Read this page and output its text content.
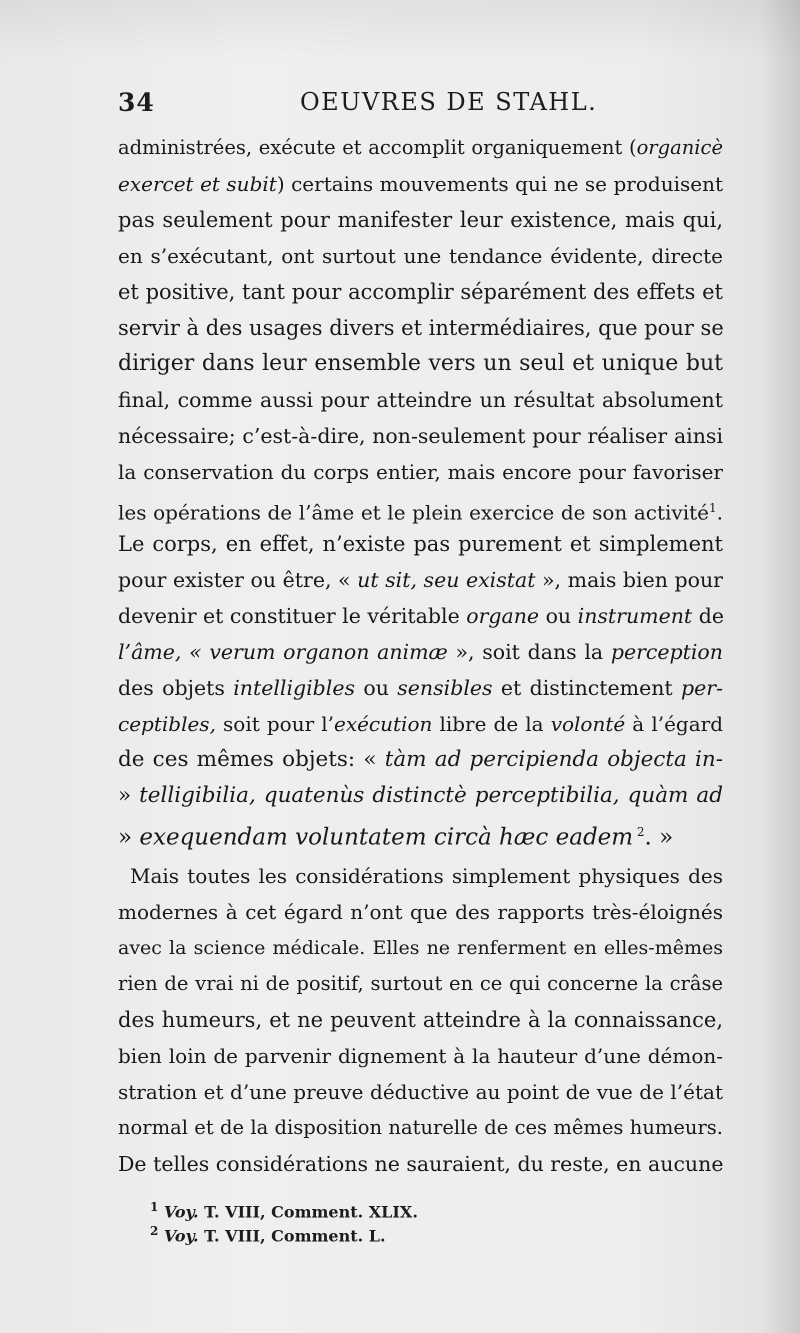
34	OEUVRES DE STAHL.
administrées, exécute et accomplit organiquement (organicè
exercet et subit) certains mouvements qui ne se produisent
pas seulement pour manifester leur existence, mais qui,
en s’exécutant, ont surtout une tendance évidente, directe
et positive, tant pour accomplir séparément des effets et
servir à des usages divers et intermédiaires, que pour se
diriger dans leur ensemble vers un seul et unique but
final, comme aussi pour atteindre un résultat absolument
nécessaire; c’est-à-dire, non-seulement pour réaliser ainsi
la conservation du corps entier, mais encore pour favoriser
les opérations de l’âme et le plein exercice de son activité$^1$.
Le corps, en effet, n’existe pas purement et simplement
pour exister ou être, « ut sit, seu existat », mais bien pour
devenir et constituer le véritable organe ou instrument de
l’âme, « verum organon animæ », soit dans la perception
des objets intelligibles ou sensibles et distinctement per-
ceptibles, soit pour l’exécution libre de la volonté à l’égard
de ces mêmes objets: « tàm ad percipienda objecta in-
» telligibilia, quatenùs distinctè perceptibilia, quàm ad
» exequendam voluntatem circà hæc eadem $^2$. »
Mais toutes les considérations simplement physiques des
modernes à cet égard n’ont que des rapports très-éloignés
avec la science médicale. Elles ne renferment en elles-mêmes
rien de vrai ni de positif, surtout en ce qui concerne la crâse
des humeurs, et ne peuvent atteindre à la connaissance,
bien loin de parvenir dignement à la hauteur d’une démon-
stration et d’une preuve déductive au point de vue de l’état
normal et de la disposition naturelle de ces mêmes humeurs.
De telles considérations ne sauraient, du reste, en aucune
$^1$ Voy. T. VIII, Comment. XLIX.
$^2$ Voy. T. VIII, Comment. L.
